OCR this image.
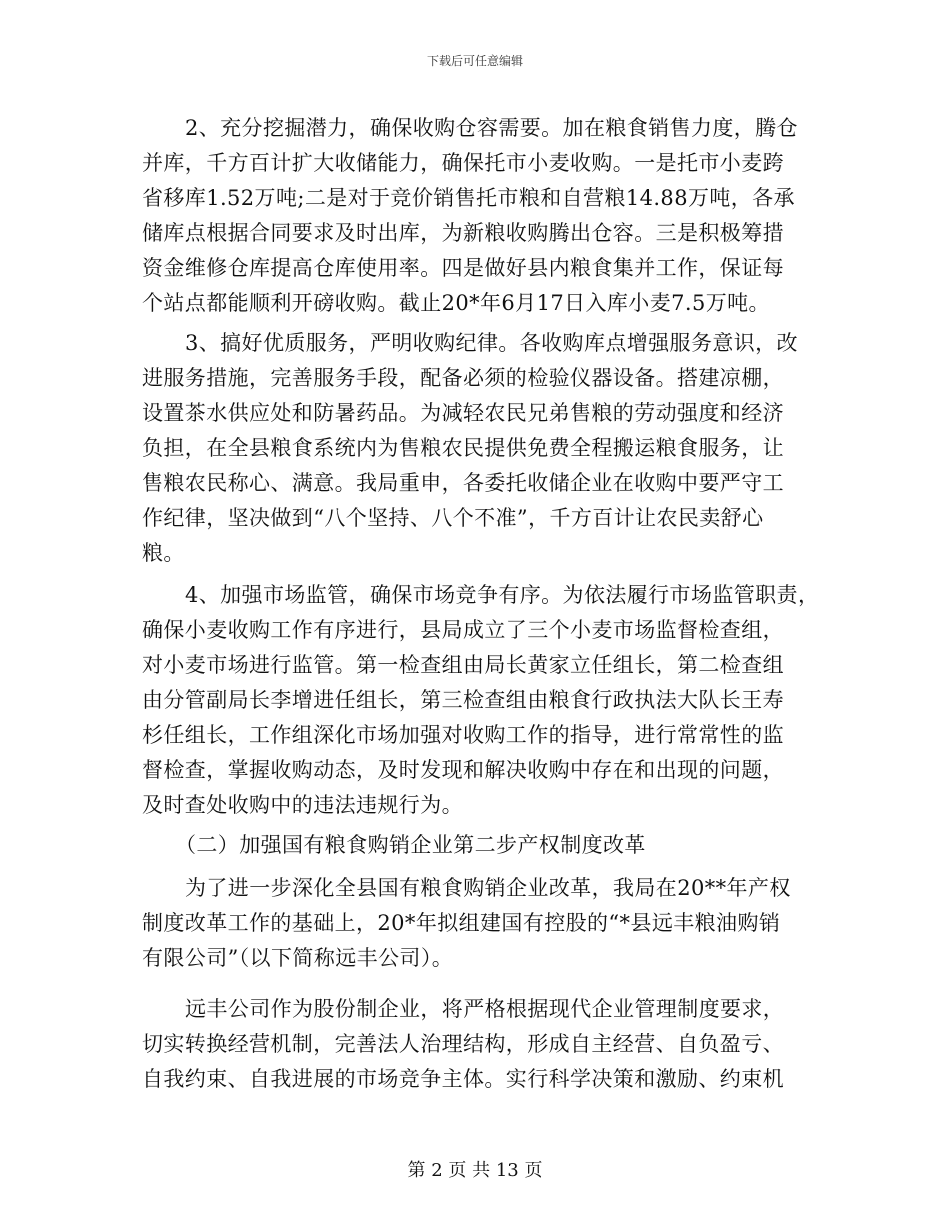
下载后可任意编辑
2、充分挖掘潜力，确保收购仓容需要。加在粮食销售力度，腾仓
并库，千方百计扩大收储能力，确保托市小麦收购。一是托市小麦跨
省移库1.52万吨;二是对于竞价销售托市粮和自营粮14.88万吨，各承
储库点根据合同要求及时出库，为新粮收购腾出仓容。三是积极筹措
资金维修仓库提高仓库使用率。四是做好县内粮食集并工作，保证每
个站点都能顺利开磅收购。截止20*年6月17日入库小麦7.5万吨。
3、搞好优质服务，严明收购纪律。各收购库点增强服务意识，改
进服务措施，完善服务手段，配备必须的检验仪器设备。搭建凉棚，
设置茶水供应处和防暑药品。为减轻农民兄弟售粮的劳动强度和经济
负担，在全县粮食系统内为售粮农民提供免费全程搬运粮食服务，让
售粮农民称心、满意。我局重申，各委托收储企业在收购中要严守工
作纪律，坚决做到“八个坚持、八个不准”，千方百计让农民卖舒心
粮。
4、加强市场监管，确保市场竞争有序。为依法履行市场监管职责，
确保小麦收购工作有序进行，县局成立了三个小麦市场监督检查组，
对小麦市场进行监管。第一检查组由局长黄家立任组长，第二检查组
由分管副局长李增进任组长，第三检查组由粮食行政执法大队长王寿
杉任组长，工作组深化市场加强对收购工作的指导，进行常常性的监
督检查，掌握收购动态，及时发现和解决收购中存在和出现的问题，
及时查处收购中的违法违规行为。
（二）加强国有粮食购销企业第二步产权制度改革
为了进一步深化全县国有粮食购销企业改革，我局在20**年产权
制度改革工作的基础上，20*年拟组建国有控股的“*县远丰粮油购销
有限公司”（以下简称远丰公司）。
远丰公司作为股份制企业，将严格根据现代企业管理制度要求，
切实转换经营机制，完善法人治理结构，形成自主经营、自负盈亏、
自我约束、自我进展的市场竞争主体。实行科学决策和激励、约束机
第 2 页 共 13 页
